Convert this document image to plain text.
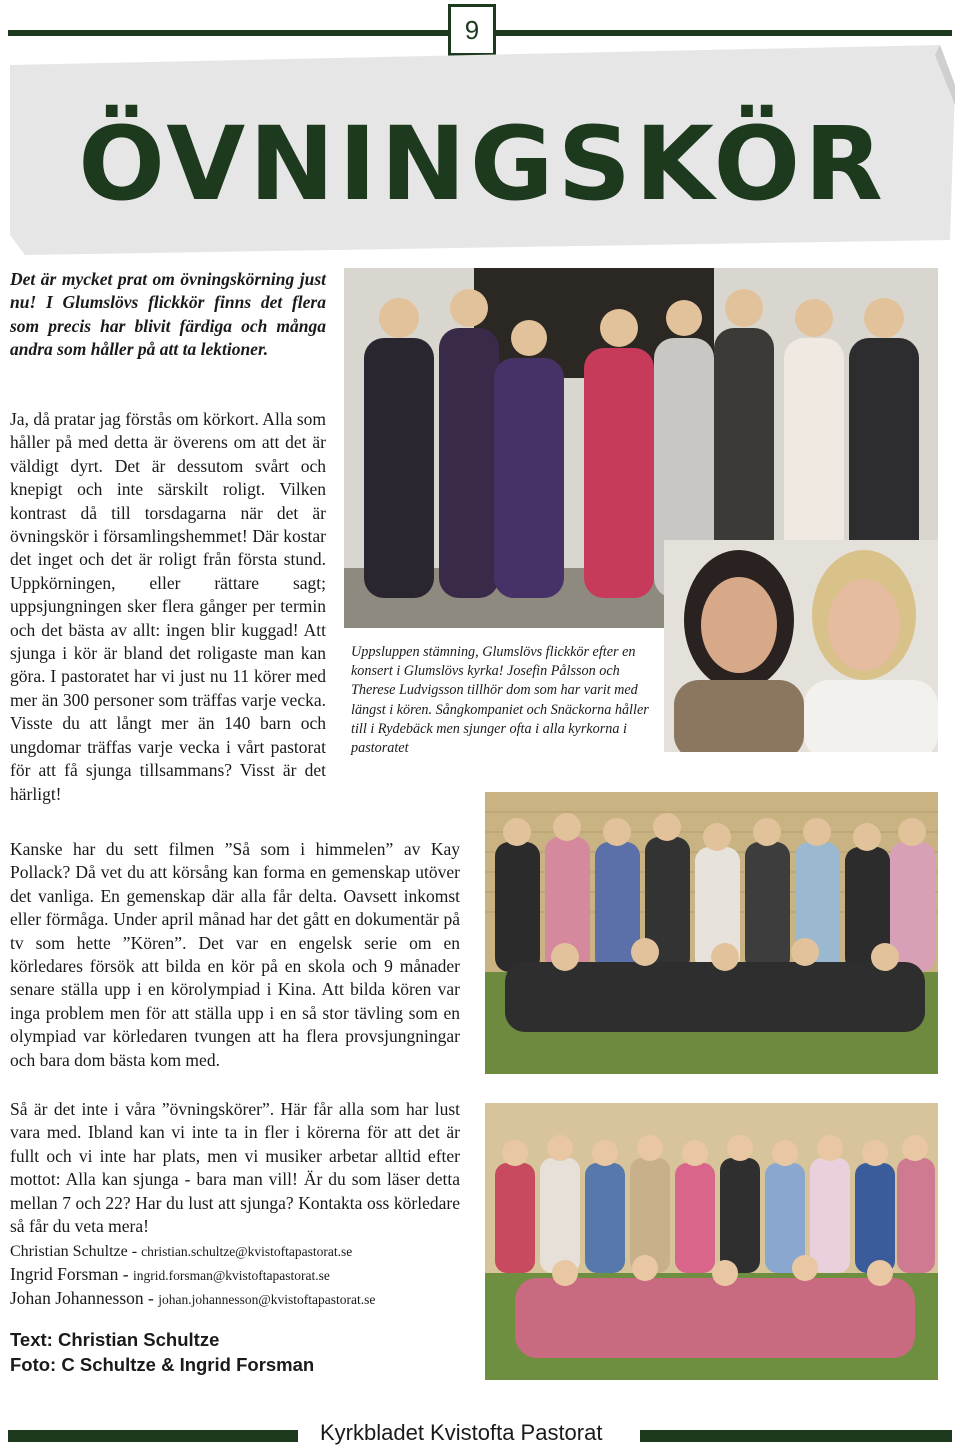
9
ÖVNINGSKÖR
Det är mycket prat om övningskörning just nu! I Glumslövs flickkör finns det flera som precis har blivit färdiga och många andra som håller på att ta lektioner.
Ja, då pratar jag förstås om körkort. Alla som håller på med detta är överens om att det är väldigt dyrt. Det är dessutom svårt och knepigt och inte särskilt roligt. Vilken kontrast då till torsdagarna när det är övningskör i församlingshemmet! Där kostar det inget och det är roligt från första stund. Uppkörningen, eller rättare sagt; uppsjungningen sker flera gånger per termin och det bästa av allt: ingen blir kuggad! Att sjunga i kör är bland det roligaste man kan göra. I pastoratet har vi just nu 11 körer med mer än 300 personer som träffas varje vecka. Visste du att långt mer än 140 barn och ungdomar träffas varje vecka i vårt pastorat för att få sjunga tillsammans? Visst är det härligt!
Uppsluppen stämning, Glumslövs flickkör efter en konsert i Glumslövs kyrka! Josefin Pålsson och Therese Ludvigsson tillhör dom som har varit med längst i kören. Sångkompaniet och Snäckorna håller till i Rydebäck men sjunger ofta i alla kyrkorna i pastoratet
Kanske har du sett filmen ”Så som i himmelen” av Kay Pollack? Då vet du att körsång kan forma en gemenskap utöver det vanliga. En gemenskap där alla får delta. Oavsett inkomst eller förmåga. Under april månad har det gått en dokumentär på tv som hette ”Kören”. Det var en engelsk serie om en körledares försök att bilda en kör på en skola och 9 månader senare ställa upp i en körolympiad i Kina. Att bilda kören var inga problem men för att ställa upp i en så stor tävling som en olympiad var körledaren tvungen att ha flera provsjungningar och bara dom bästa kom med.
Så är det inte i våra ”övningskörer”. Här får alla som har lust vara med. Ibland kan vi inte ta in fler i körerna för att det är fullt och vi inte har plats, men vi musiker arbetar alltid efter mottot: Alla kan sjunga - bara man vill! Är du som läser detta mellan 7 och 22? Har du lust att sjunga? Kontakta oss körledare så får du veta mera!
Christian Schultze - christian.schultze@kvistoftapastorat.se
Ingrid Forsman - ingrid.forsman@kvistoftapastorat.se
Johan Johannesson - johan.johannesson@kvistoftapastorat.se
Text: Christian Schultze
Foto: C Schultze & Ingrid Forsman
Kyrkbladet Kvistofta Pastorat
